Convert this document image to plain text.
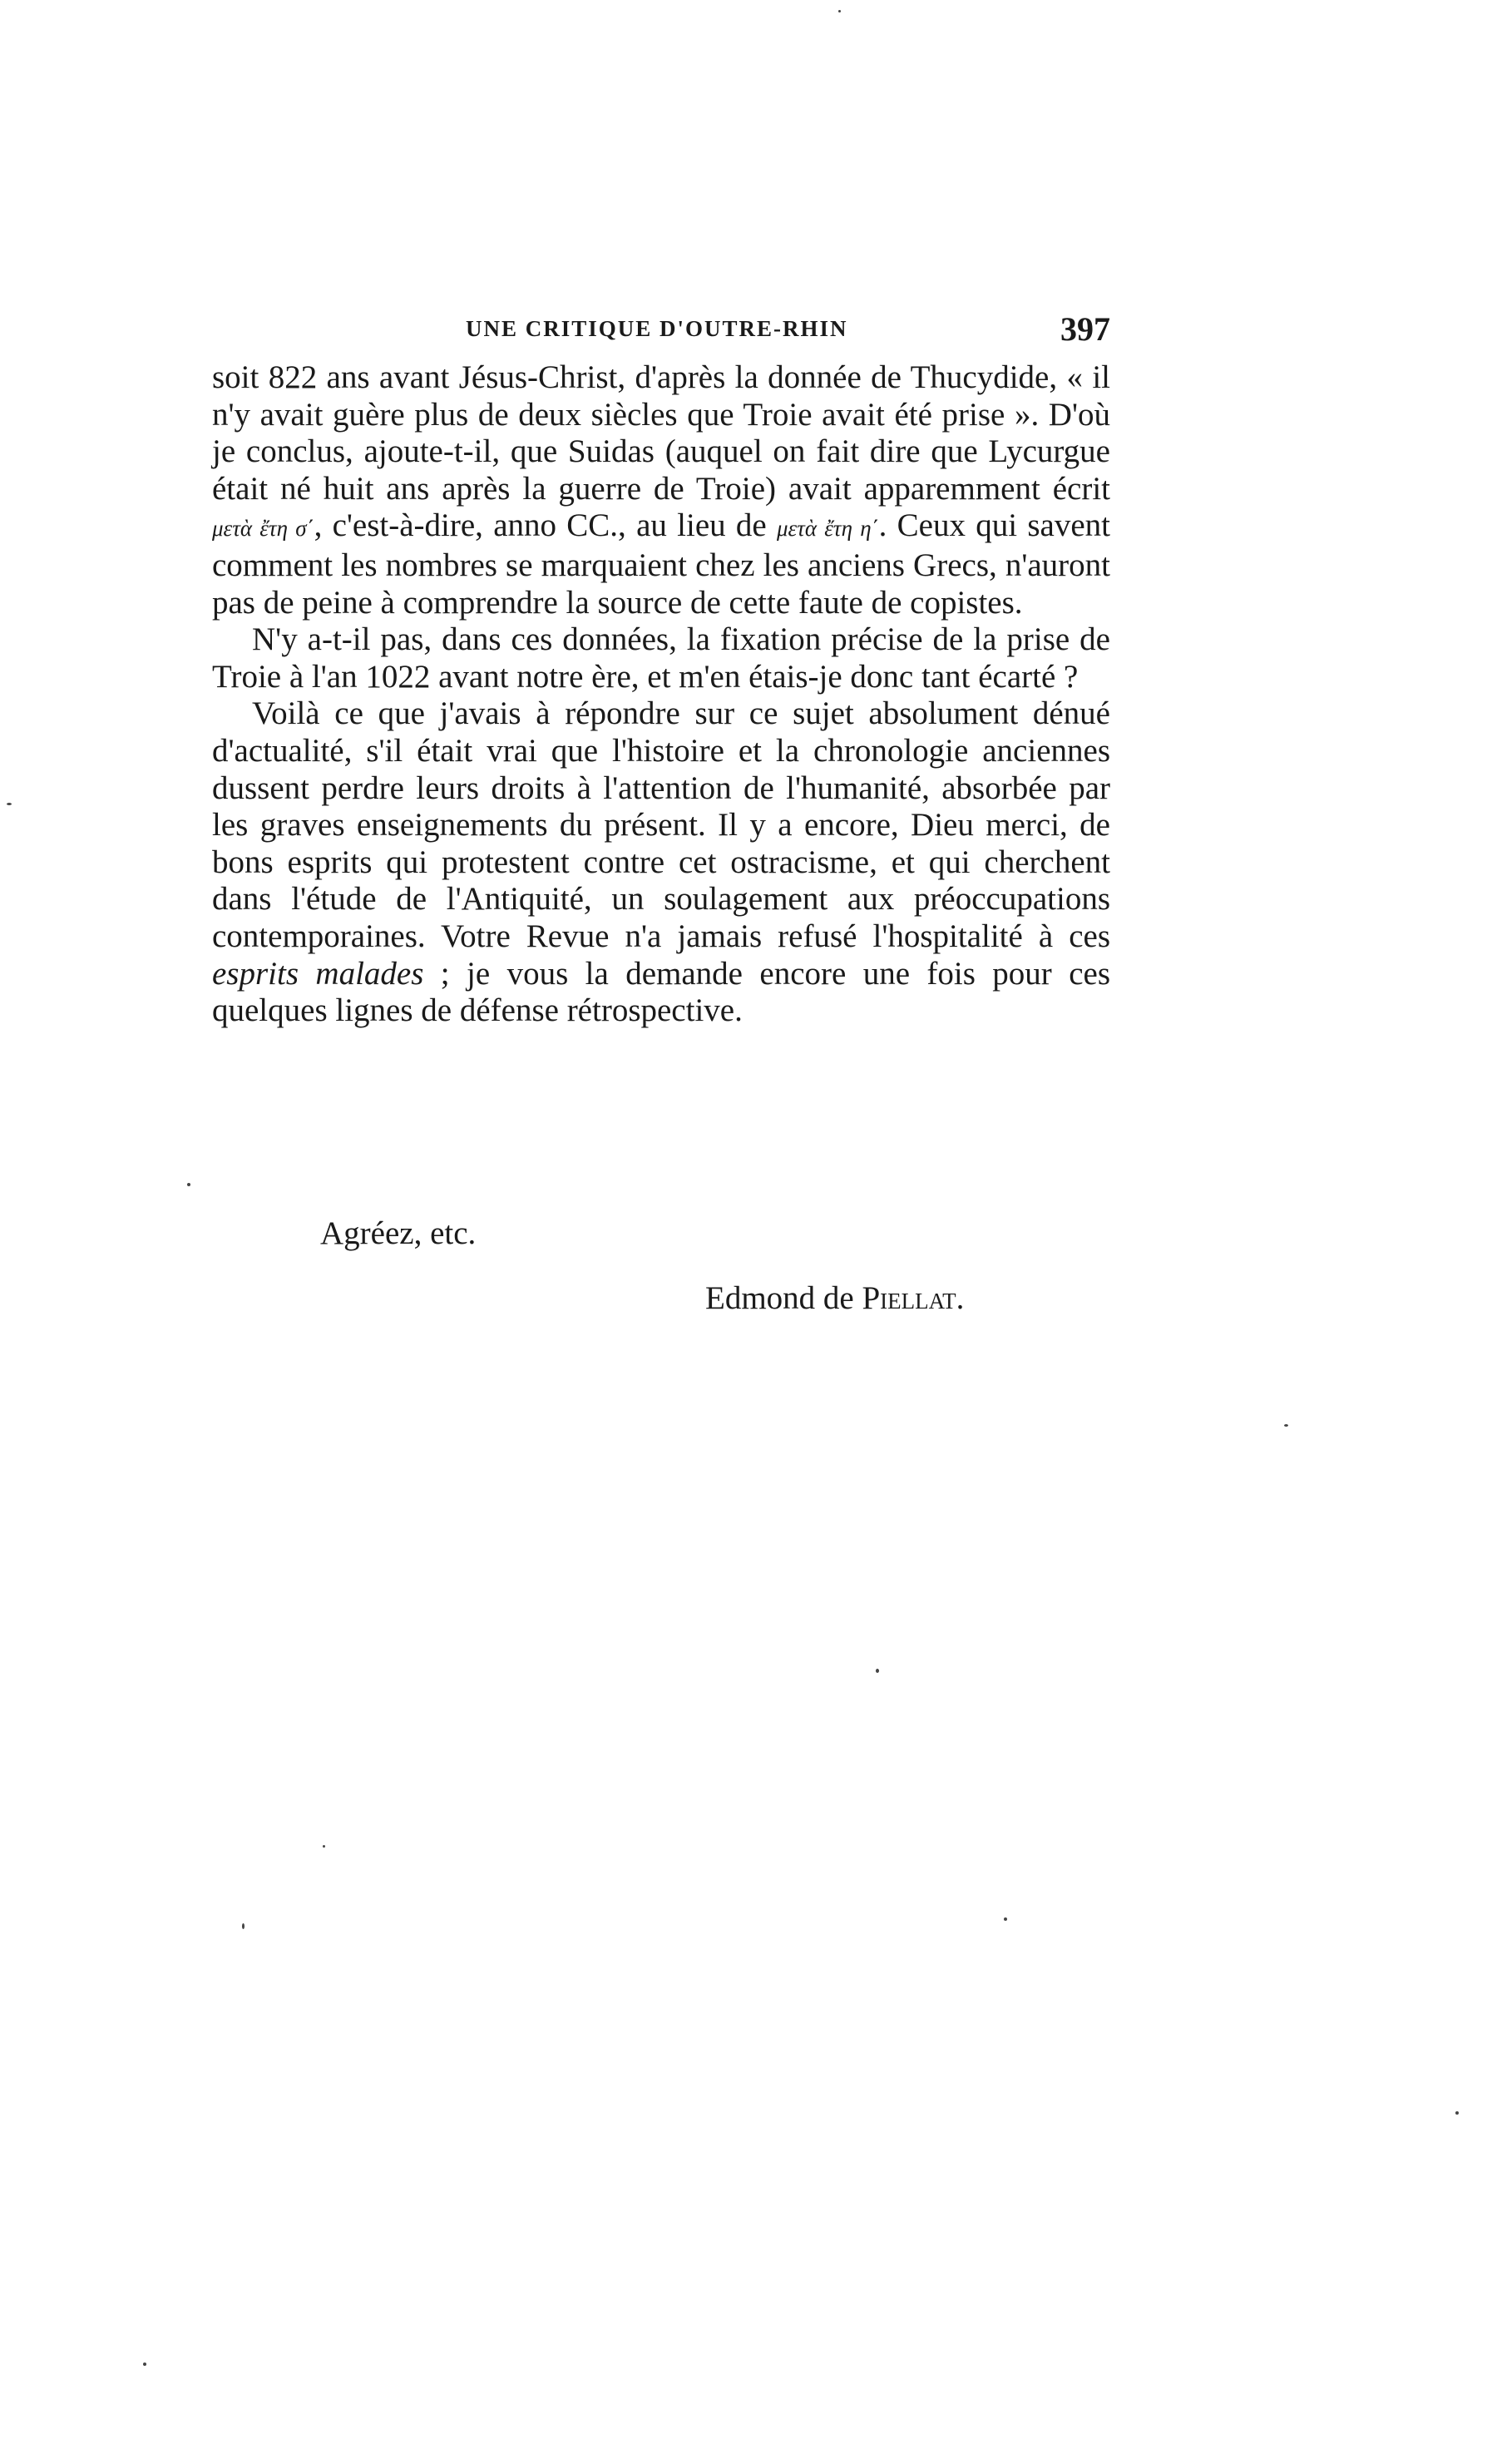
UNE CRITIQUE D'OUTRE-RHIN	397

soit 822 ans avant Jésus-Christ, d'après la donnée de Thucydide, « il n'y avait guère plus de deux siècles que Troie avait été prise ». D'où je conclus, ajoute-t-il, que Suidas (auquel on fait dire que Lycurgue était né huit ans après la guerre de Troie) avait apparemment écrit μετὰ ἔτη σ΄, c'est-à-dire, anno CC., au lieu de μετὰ ἔτη η΄. Ceux qui savent comment les nombres se marquaient chez les anciens Grecs, n'auront pas de peine à comprendre la source de cette faute de copistes.

N'y a-t-il pas, dans ces données, la fixation précise de la prise de Troie à l'an 1022 avant notre ère, et m'en étais-je donc tant écarté ?

Voilà ce que j'avais à répondre sur ce sujet absolument dénué d'actualité, s'il était vrai que l'histoire et la chronologie anciennes dussent perdre leurs droits à l'attention de l'humanité, absorbée par les graves enseignements du présent. Il y a encore, Dieu merci, de bons esprits qui protestent contre cet ostracisme, et qui cherchent dans l'étude de l'Antiquité, un soulagement aux préoccupations contemporaines. Votre Revue n'a jamais refusé l'hospitalité à ces esprits malades ; je vous la demande encore une fois pour ces quelques lignes de défense rétrospective.

Agréez, etc.
Edmond de Piellat.
